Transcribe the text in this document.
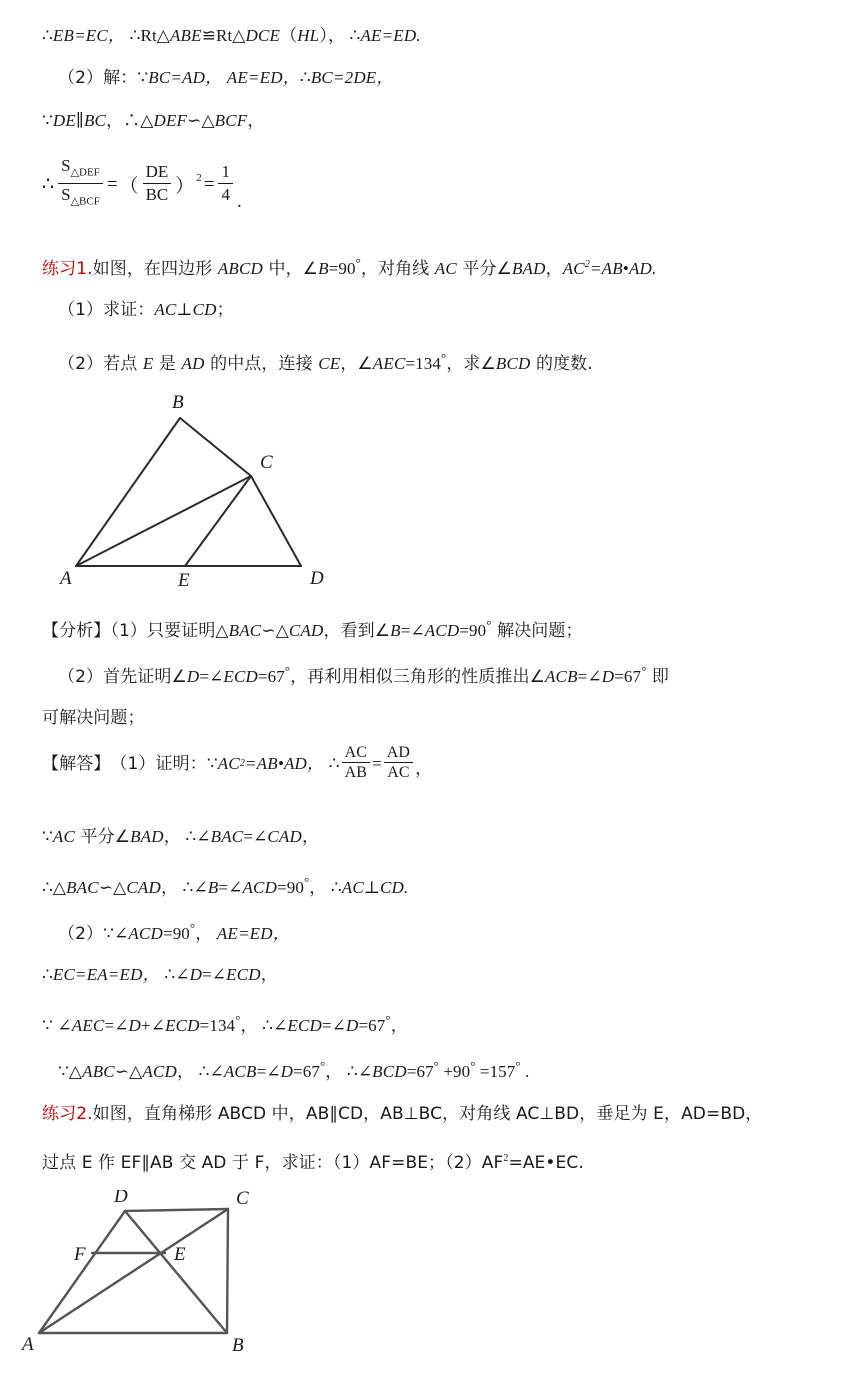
∴EB=EC， ∴Rt△ABE≌Rt△DCE（HL）， ∴AE=ED.
（2）解：∵BC=AD， AE=ED，∴BC=2DE，
∵DE∥BC，∴△DEF∽△BCF，
∴ $\frac{S_{\triangle DEF}}{S_{\triangle BCF}}$ = （ $\frac{DE}{BC}$ ） $2 = \frac{1}{4}$ .
练习1.如图，在四边形 ABCD 中，∠B=90°，对角线 AC 平分∠BAD，$AC^2=AB•AD$.
（1）求证：AC⊥CD；
（2）若点 E 是 AD 的中点，连接 CE，∠AEC=134°，求∠BCD 的度数.
A
B
C
D
E
【分析】（1）只要证明△BAC∽△CAD，看到∠B=∠ACD=90° 解决问题；
（2）首先证明∠D=∠ECD=67°，再利用相似三角形的性质推出∠ACB=∠D=67° 即
可解决问题；
【解答】 （1）证明： ∵ AC 2 =AB•AD，
∴ $\frac{AC}{AB} = \frac{AD}{AC}$ ，
∵AC 平分∠BAD， ∴∠BAC=∠CAD，
∴△BAC∽△CAD， ∴∠B=∠ACD=90°， ∴AC⊥CD.
（2）∵∠ACD=90°， AE=ED，
∴EC=EA=ED， ∴∠D=∠ECD，
∵ ∠AEC=∠D+∠ECD=134°， ∴∠ECD=∠D=67°，
∵△ABC∽△ACD， ∴∠ACB=∠D=67°， ∴∠BCD=67° +90° =157° .
练习2.如图，直角梯形 ABCD 中，AB∥CD，AB⊥BC，对角线 AC⊥BD，垂足为 E，AD=BD，
过点 E 作 EF∥AB 交 AD 于 F，求证：（1）AF=BE；$(2)AF^2=AE•EC$.
A	B
C
D
E
F
